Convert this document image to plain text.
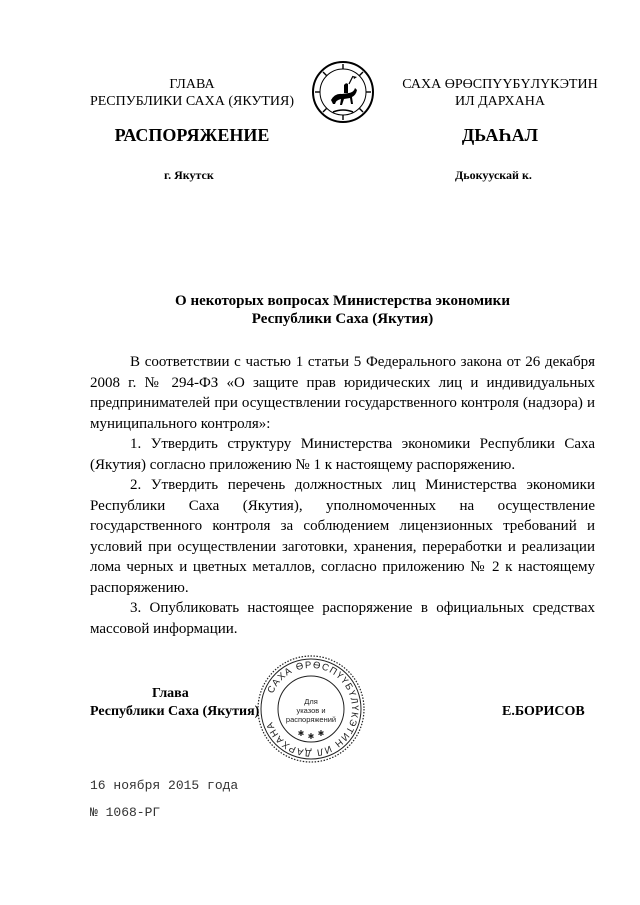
ГЛАВА
РЕСПУБЛИКИ САХА (ЯКУТИЯ)
САХА ӨРӨСПҮҮБҮЛҮКЭТИН
ИЛ ДАРХАНА
РАСПОРЯЖЕНИЕ	ДЬАҺАЛ
г. Якутск	Дьокуускай к.
О некоторых вопросах Министерства экономики
Республики Саха (Якутия)

В соответствии с частью 1 статьи 5 Федерального закона от 26 декабря 2008 г. № 294-ФЗ «О защите прав юридических лиц и индивидуальных предпринимателей при осуществлении государственного контроля (надзора) и муниципального контроля»:

1. Утвердить структуру Министерства экономики Республики Саха (Якутия) согласно приложению № 1 к настоящему распоряжению.

2. Утвердить перечень должностных лиц Министерства экономики Республики Саха (Якутия), уполномоченных на осуществление государственного контроля за соблюдением лицензионных требований и условий при осуществлении заготовки, хранения, переработки и реализации лома черных и цветных металлов, согласно приложению № 2 к настоящему распоряжению.

3. Опубликовать настоящее распоряжение в официальных средствах массовой информации.

САХА ӨРӨСПҮҮБҮЛҮКЭТИН ИЛ ДАРХАНА
Для
указов и
распоряжений
✱ ✱ ✱
Глава
Республики Саха (Якутия)	Е.БОРИСОВ
16 ноября 2015 года
№ 1068-РГ
